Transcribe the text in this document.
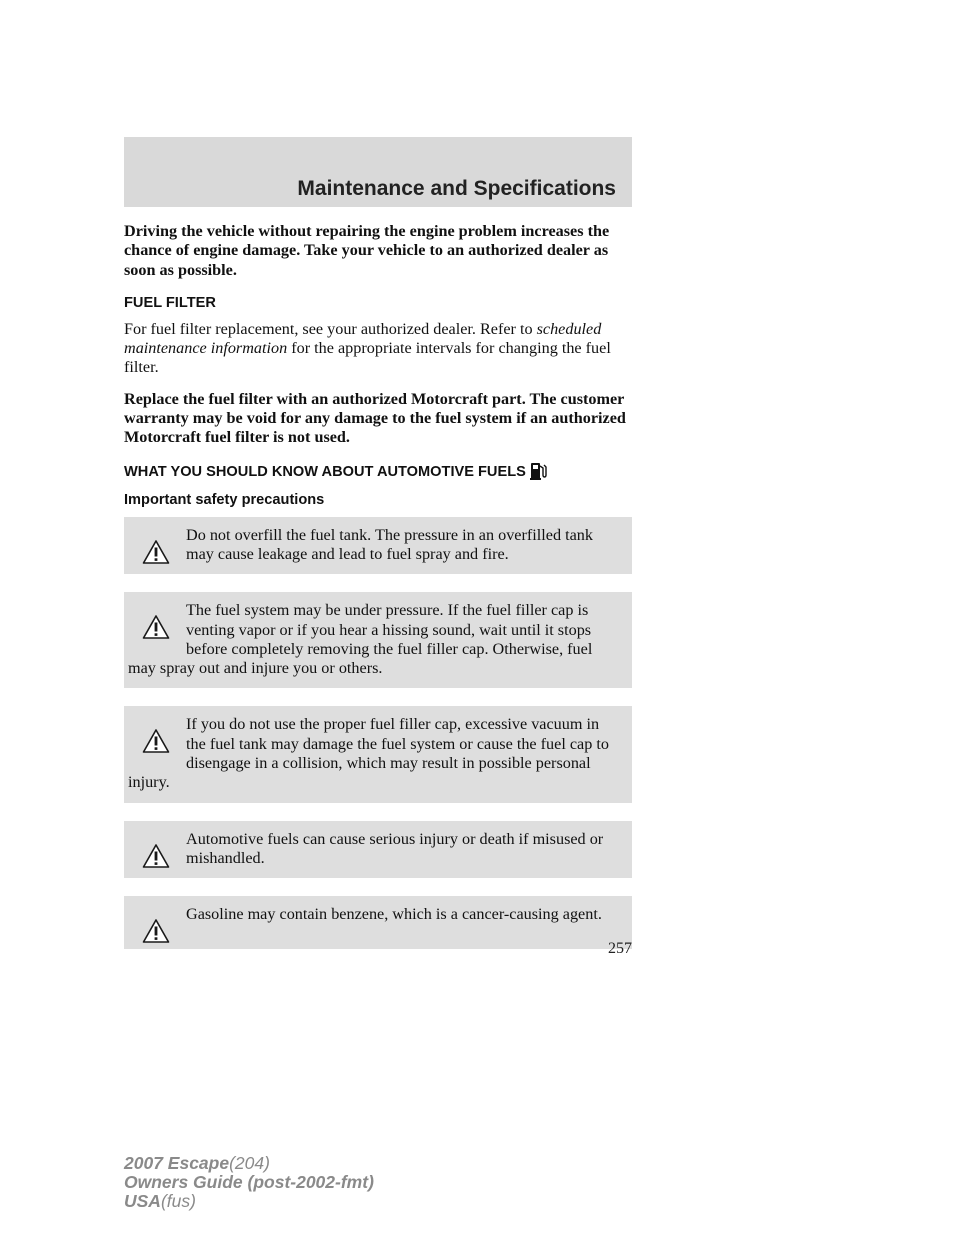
Maintenance and Specifications

Driving the vehicle without repairing the engine problem increases the chance of engine damage. Take your vehicle to an authorized dealer as soon as possible.

FUEL FILTER

For fuel filter replacement, see your authorized dealer. Refer to scheduled maintenance information for the appropriate intervals for changing the fuel filter.

Replace the fuel filter with an authorized Motorcraft part. The customer warranty may be void for any damage to the fuel system if an authorized Motorcraft fuel filter is not used.

WHAT YOU SHOULD KNOW ABOUT AUTOMOTIVE FUELS
Important safety precautions
Do not overfill the fuel tank. The pressure in an overfilled tank may cause leakage and lead to fuel spray and fire.
The fuel system may be under pressure. If the fuel filler cap is venting vapor or if you hear a hissing sound, wait until it stops before completely removing the fuel filler cap. Otherwise, fuel may spray out and injure you or others.
If you do not use the proper fuel filler cap, excessive vacuum in the fuel tank may damage the fuel system or cause the fuel cap to disengage in a collision, which may result in possible personal injury.
Automotive fuels can cause serious injury or death if misused or mishandled.
Gasoline may contain benzene, which is a cancer-causing agent.
257
2007 Escape(204)
Owners Guide (post-2002-fmt)
USA(fus)
